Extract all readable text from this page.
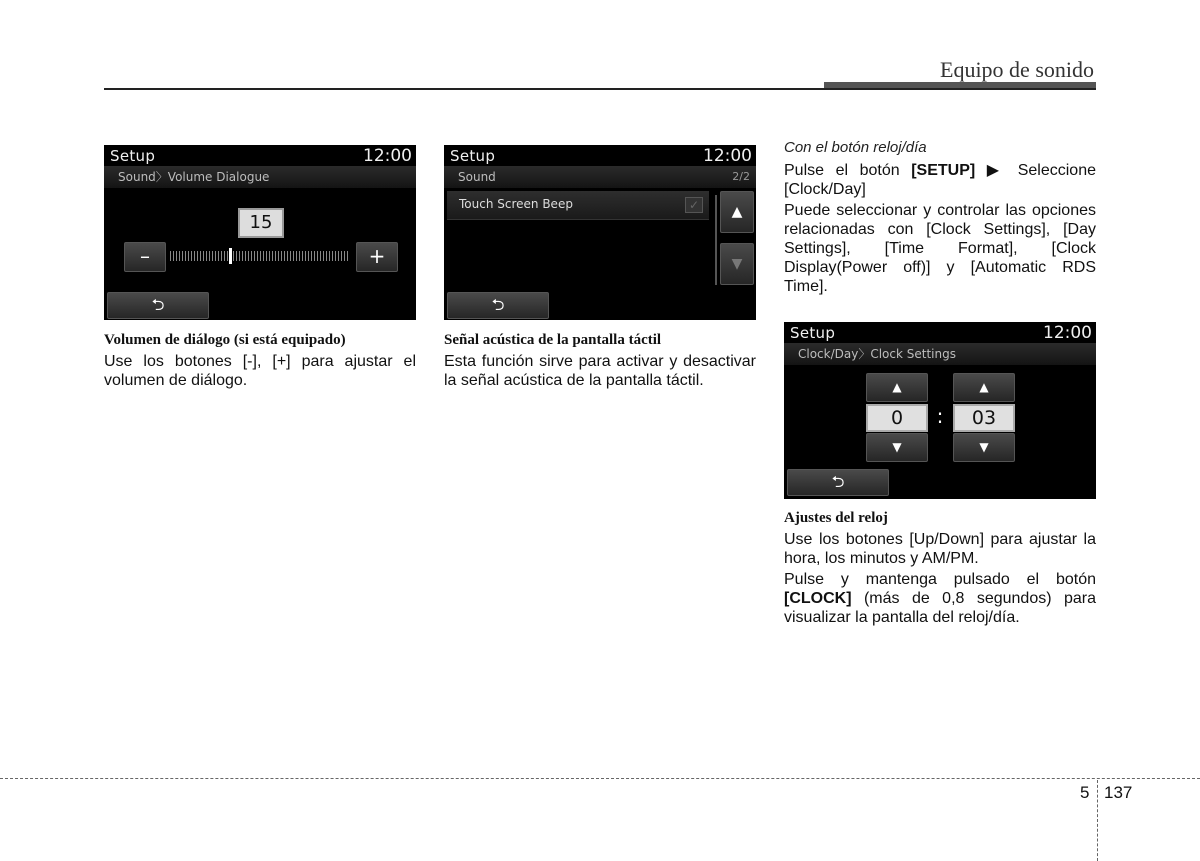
Equipo de sonido
Setup	12:00
Sound〉Volume Dialogue
15
–	+
⮌
Setup	12:00
Sound	2/2
Touch Screen Beep	✓	▲
▼
⮌
Volumen de diálogo (si está equipado)
Use los botones [-], [+] para ajustar el volumen de diálogo.
Señal acústica de la pantalla táctil
Esta función sirve para activar y desactivar la señal acústica de la pantalla táctil.
Con el botón reloj/día
Pulse el botón [SETUP] ▶ Seleccione [Clock/Day]
Puede seleccionar y controlar las opciones relacionadas con [Clock Settings], [Day Settings], [Time Format], [Clock Display(Power off)] y [Automatic RDS Time].
Setup	12:00
Clock/Day〉Clock Settings
▲
0	:
▼
▲
03
▼
⮌
Ajustes del reloj
Use los botones [Up/Down] para ajustar la hora, los minutos y AM/PM.
Pulse y mantenga pulsado el botón [CLOCK] (más de 0,8 segundos) para visualizar la pantalla del reloj/día.
5 137
